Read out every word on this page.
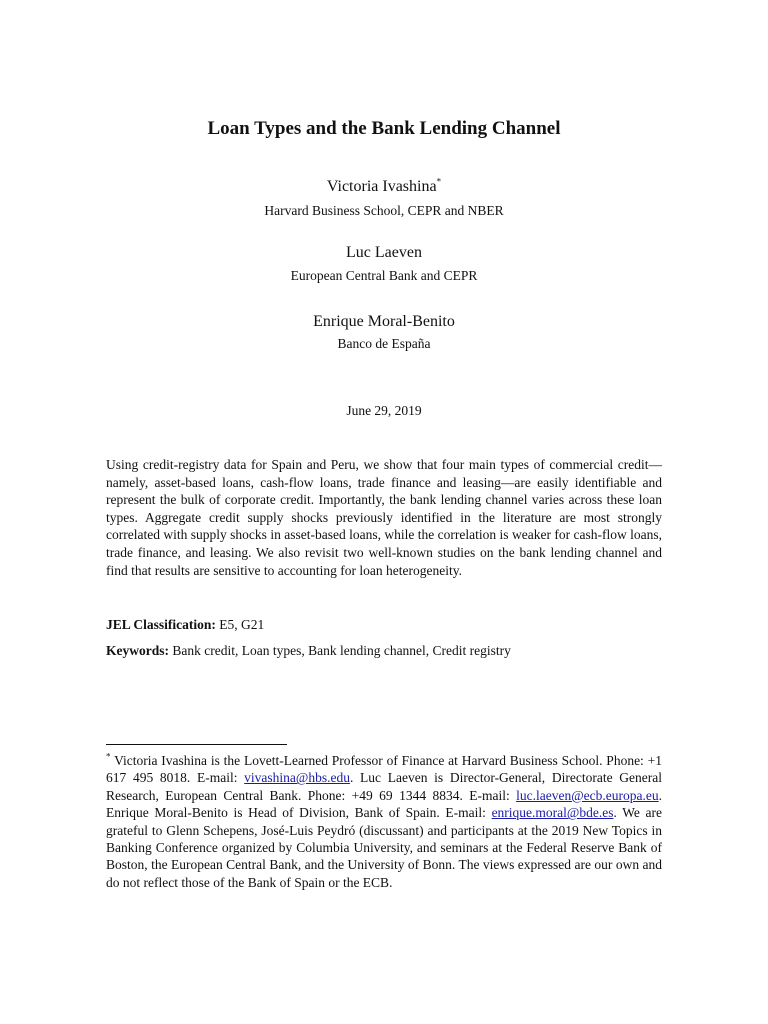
Loan Types and the Bank Lending Channel
Victoria Ivashina*
Harvard Business School, CEPR and NBER
Luc Laeven
European Central Bank and CEPR
Enrique Moral-Benito
Banco de España
June 29, 2019

Using credit-registry data for Spain and Peru, we show that four main types of commercial credit—namely, asset-based loans, cash-flow loans, trade finance and leasing—are easily identifiable and represent the bulk of corporate credit. Importantly, the bank lending channel varies across these loan types. Aggregate credit supply shocks previously identified in the literature are most strongly correlated with supply shocks in asset-based loans, while the correlation is weaker for cash-flow loans, trade finance, and leasing. We also revisit two well-known studies on the bank lending channel and find that results are sensitive to accounting for loan heterogeneity.

JEL Classification: E5, G21

Keywords: Bank credit, Loan types, Bank lending channel, Credit registry

* Victoria Ivashina is the Lovett-Learned Professor of Finance at Harvard Business School. Phone: +1 617 495 8018. E-mail: vivashina@hbs.edu. Luc Laeven is Director-General, Directorate General Research, European Central Bank. Phone: +49 69 1344 8834. E-mail: luc.laeven@ecb.europa.eu. Enrique Moral-Benito is Head of Division, Bank of Spain. E-mail: enrique.moral@bde.es. We are grateful to Glenn Schepens, José-Luis Peydró (discussant) and participants at the 2019 New Topics in Banking Conference organized by Columbia University, and seminars at the Federal Reserve Bank of Boston, the European Central Bank, and the University of Bonn. The views expressed are our own and do not reflect those of the Bank of Spain or the ECB.
